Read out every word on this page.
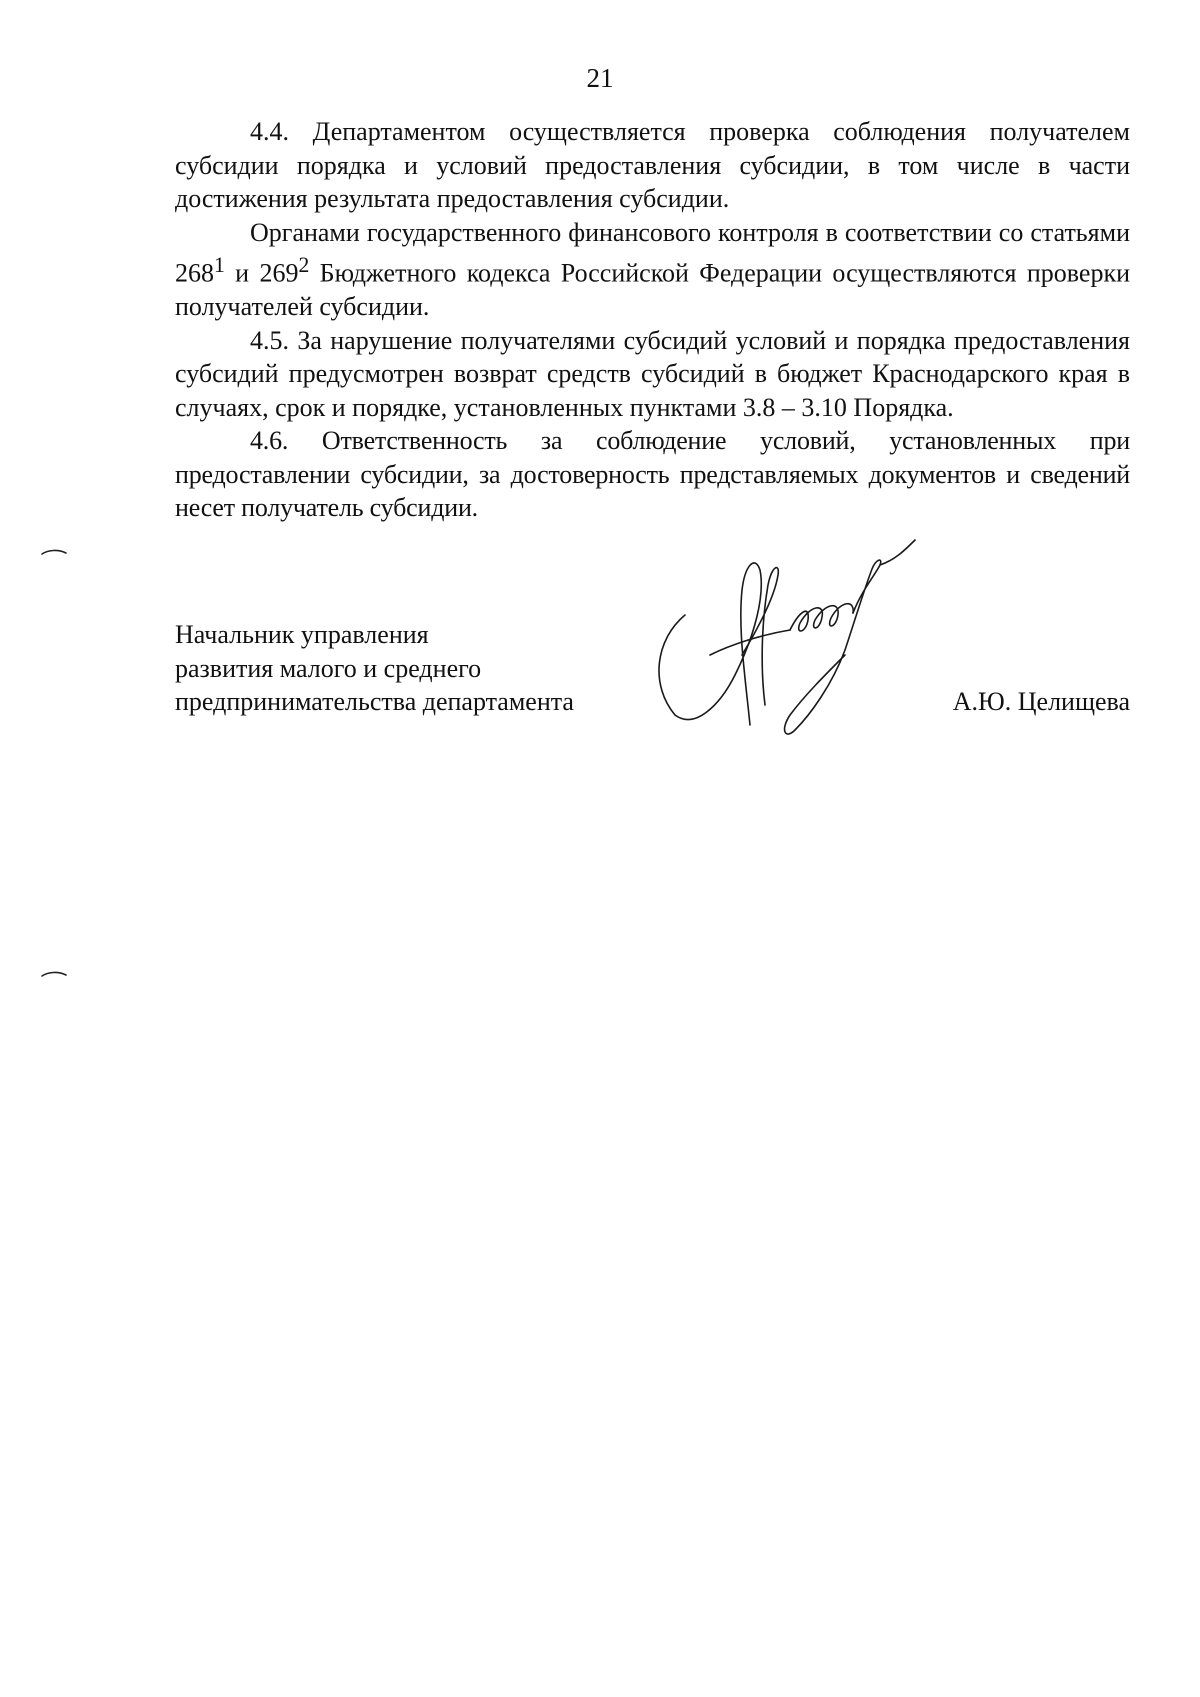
21

4.4. Департаментом осуществляется проверка соблюдения получателем субсидии порядка и условий предоставления субсидии, в том числе в части достижения результата предоставления субсидии.

Органами государственного финансового контроля в соответствии со статьями $268^1$ и $269^2$ Бюджетного кодекса Российской Федерации осуществляются проверки получателей субсидии.

4.5. За нарушение получателями субсидий условий и порядка предоставления субсидий предусмотрен возврат средств субсидий в бюджет Краснодарского края в случаях, срок и порядке, установленных пунктами 3.8 – 3.10 Порядка.

4.6. Ответственность за соблюдение условий, установленных при предоставлении субсидии, за достоверность представляемых документов и сведений несет получатель субсидии.

Начальник управления
развития малого и среднего
предпринимательства департамента	А.Ю. Целищева
